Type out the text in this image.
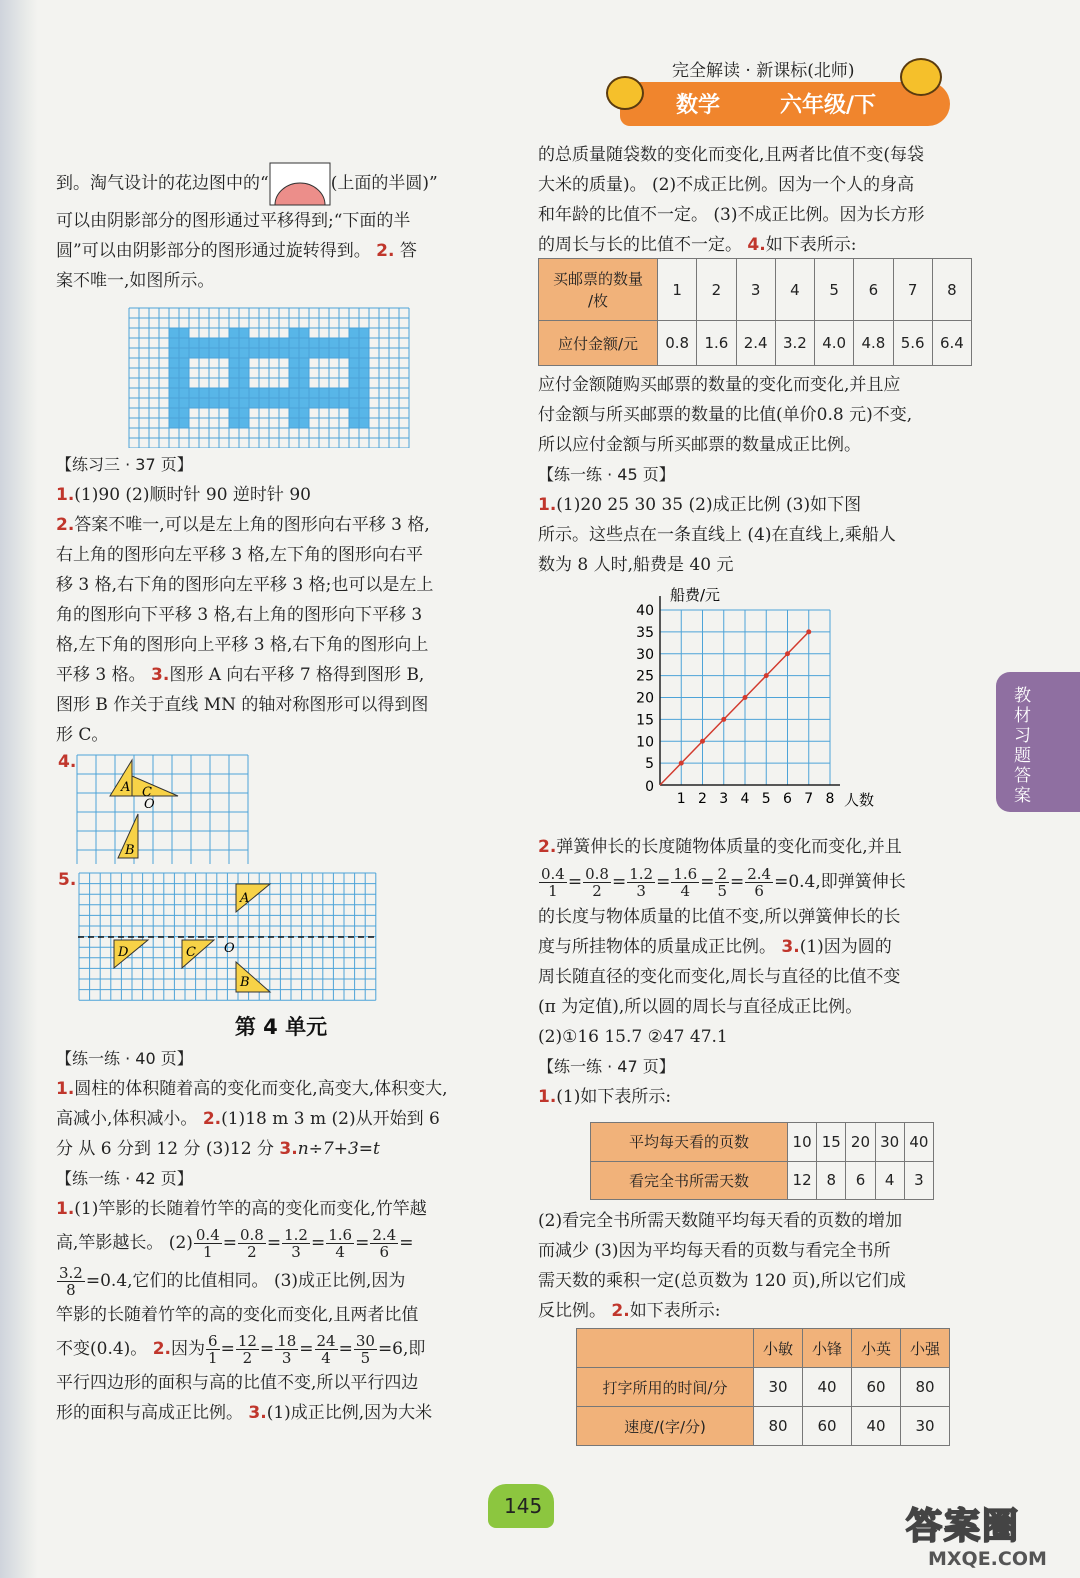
完全解读 · 新课标(北师)
数学	六年级/下

到。淘气设计的花边图中的“	(上面的半圆)”

可以由阴影部分的图形通过平移得到;“下面的半

圆”可以由阴影部分的图形通过旋转得到。 2. 答

案不唯一,如图所示。

【练习三 · 37 页】

1.(1)90 (2)顺时针 90 逆时针 90

2.答案不唯一,可以是左上角的图形向右平移 3 格,

右上角的图形向左平移 3 格,左下角的图形向右平

移 3 格,右下角的图形向左平移 3 格;也可以是左上

角的图形向下平移 3 格,右上角的图形向下平移 3

格,左下角的图形向上平移 3 格,右下角的图形向上

平移 3 格。 3.图形 A 向右平移 7 格得到图形 B,

图形 B 作关于直线 MN 的轴对称图形可以得到图

形 C。

4.
A C
O
B
5.
A
B
D	C O

第 4 单元

【练一练 · 40 页】

1.圆柱的体积随着高的变化而变化,高变大,体积变大,

高减小,体积减小。 2.(1)18 m 3 m (2)从开始到 6

分 从 6 分到 12 分 (3)12 分 3.n÷7+3=t

【练一练 · 42 页】

1.(1)竿影的长随着竹竿的高的变化而变化,竹竿越

高,竿影越长。 $(2) \frac{0.4}{1} = \frac{0.8}{2} = \frac{1.2}{3} = \frac{1.6}{4} = \frac{2.4}{6}$ =

$\frac{3.2}{8} =0.4$,它们的比值相同。 (3)成正比例,因为

竿影的长随着竹竿的高的变化而变化,且两者比值

不变(0.4)。 2.因为 $\frac{6}{1} = \frac{12}{2} = \frac{18}{3} = \frac{24}{4} = \frac{30}{5} =6$,即

平行四边形的面积与高的比值不变,所以平行四边

形的面积与高成正比例。 3.(1)成正比例,因为大米

的总质量随袋数的变化而变化,且两者比值不变(每袋

大米的质量)。 (2)不成正比例。因为一个人的身高

和年龄的比值不一定。 (3)不成正比例。因为长方形

的周长与长的比值不一定。 4.如下表所示:

买邮票的数量
/枚	1	2	3	4	5	6	7	8
应付金额/元	0.8	1.6	2.4	3.2	4.0	4.8	5.6	6.4

应付金额随购买邮票的数量的变化而变化,并且应

付金额与所买邮票的数量的比值(单价0.8 元)不变,

所以应付金额与所买邮票的数量成正比例。

【练一练 · 45 页】

1.(1)20 25 30 35 (2)成正比例 (3)如下图

所示。这些点在一条直线上 (4)在直线上,乘船人

数为 8 人时,船费是 40 元

1 2 3 4 5 6 7 8
5
10
15
20
25
30
35
40
0
船费/元
人数

2.弹簧伸长的长度随物体质量的变化而变化,并且

$\frac{0.4}{1} = \frac{0.8}{2} = \frac{1.2}{3} = \frac{1.6}{4} = \frac{2}{5} = \frac{2.4}{6} =0.4$,即弹簧伸长

的长度与物体质量的比值不变,所以弹簧伸长的长

度与所挂物体的质量成正比例。 3.(1)因为圆的

周长随直径的变化而变化,周长与直径的比值不变

(π 为定值),所以圆的周长与直径成正比例。

(2)①16 15.7 ②47 47.1

【练一练 · 47 页】

1.(1)如下表所示:

平均每天看的页数	10	15	20	30	40
看完全书所需天数	12	8	6	4	3

(2)看完全书所需天数随平均每天看的页数的增加

而减少 (3)因为平均每天看的页数与看完全书所

需天数的乘积一定(总页数为 120 页),所以它们成

反比例。 2.如下表所示:

	小敏	小锋	小英	小强
打字所用的时间/分	30	40	60	80
速度/(字/分)	80	60	40	30
教材习题答案
145	答案圈
MXQE.COM
